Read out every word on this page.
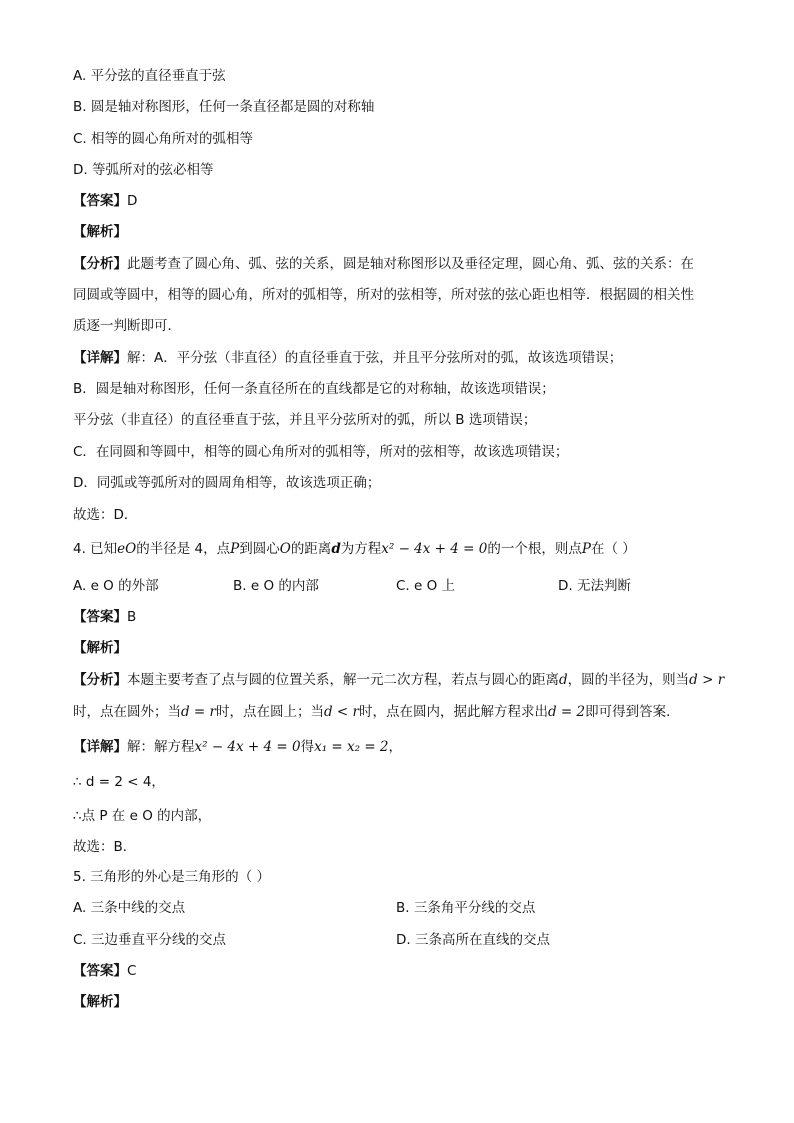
A. 平分弦的直径垂直于弦
B. 圆是轴对称图形，任何一条直径都是圆的对称轴
C. 相等的圆心角所对的弧相等
D. 等弧所对的弦必相等
【答案】D
【解析】
【分析】此题考查了圆心角、弧、弦的关系，圆是轴对称图形以及垂径定理，圆心角、弧、弦的关系：在
同圆或等圆中，相等的圆心角，所对的弧相等，所对的弦相等，所对弦的弦心距也相等．根据圆的相关性
质逐一判断即可．
【详解】解：A．平分弦（非直径）的直径垂直于弦，并且平分弦所对的弧，故该选项错误；
B．圆是轴对称图形，任何一条直径所在的直线都是它的对称轴，故该选项错误；
平分弦（非直径）的直径垂直于弦，并且平分弦所对的弧，所以 B 选项错误；
C．在同圆和等圆中，相等的圆心角所对的弧相等，所对的弦相等，故该选项错误；
D．同弧或等弧所对的圆周角相等，故该选项正确；
故选：D．
4. 已知eO的半径是 4，点P到圆心O的距离d为方程x² − 4x + 4 = 0的一个根，则点P在（ ）
A. e O 的外部	B. e O 的内部	C. e O 上	D. 无法判断
【答案】B
【解析】
【分析】本题主要考查了点与圆的位置关系，解一元二次方程，若点与圆心的距离d，圆的半径为，则当d > r
时，点在圆外；当d = r时，点在圆上；当d < r时，点在圆内，据此解方程求出d = 2即可得到答案．
【详解】解：解方程x² − 4x + 4 = 0得x₁ = x₂ = 2，
∴ d = 2 < 4，
∴点 P 在 e O 的内部，
故选：B．
5. 三角形的外心是三角形的（ ）
A. 三条中线的交点	B. 三条角平分线的交点
C. 三边垂直平分线的交点	D. 三条高所在直线的交点
【答案】C
【解析】
